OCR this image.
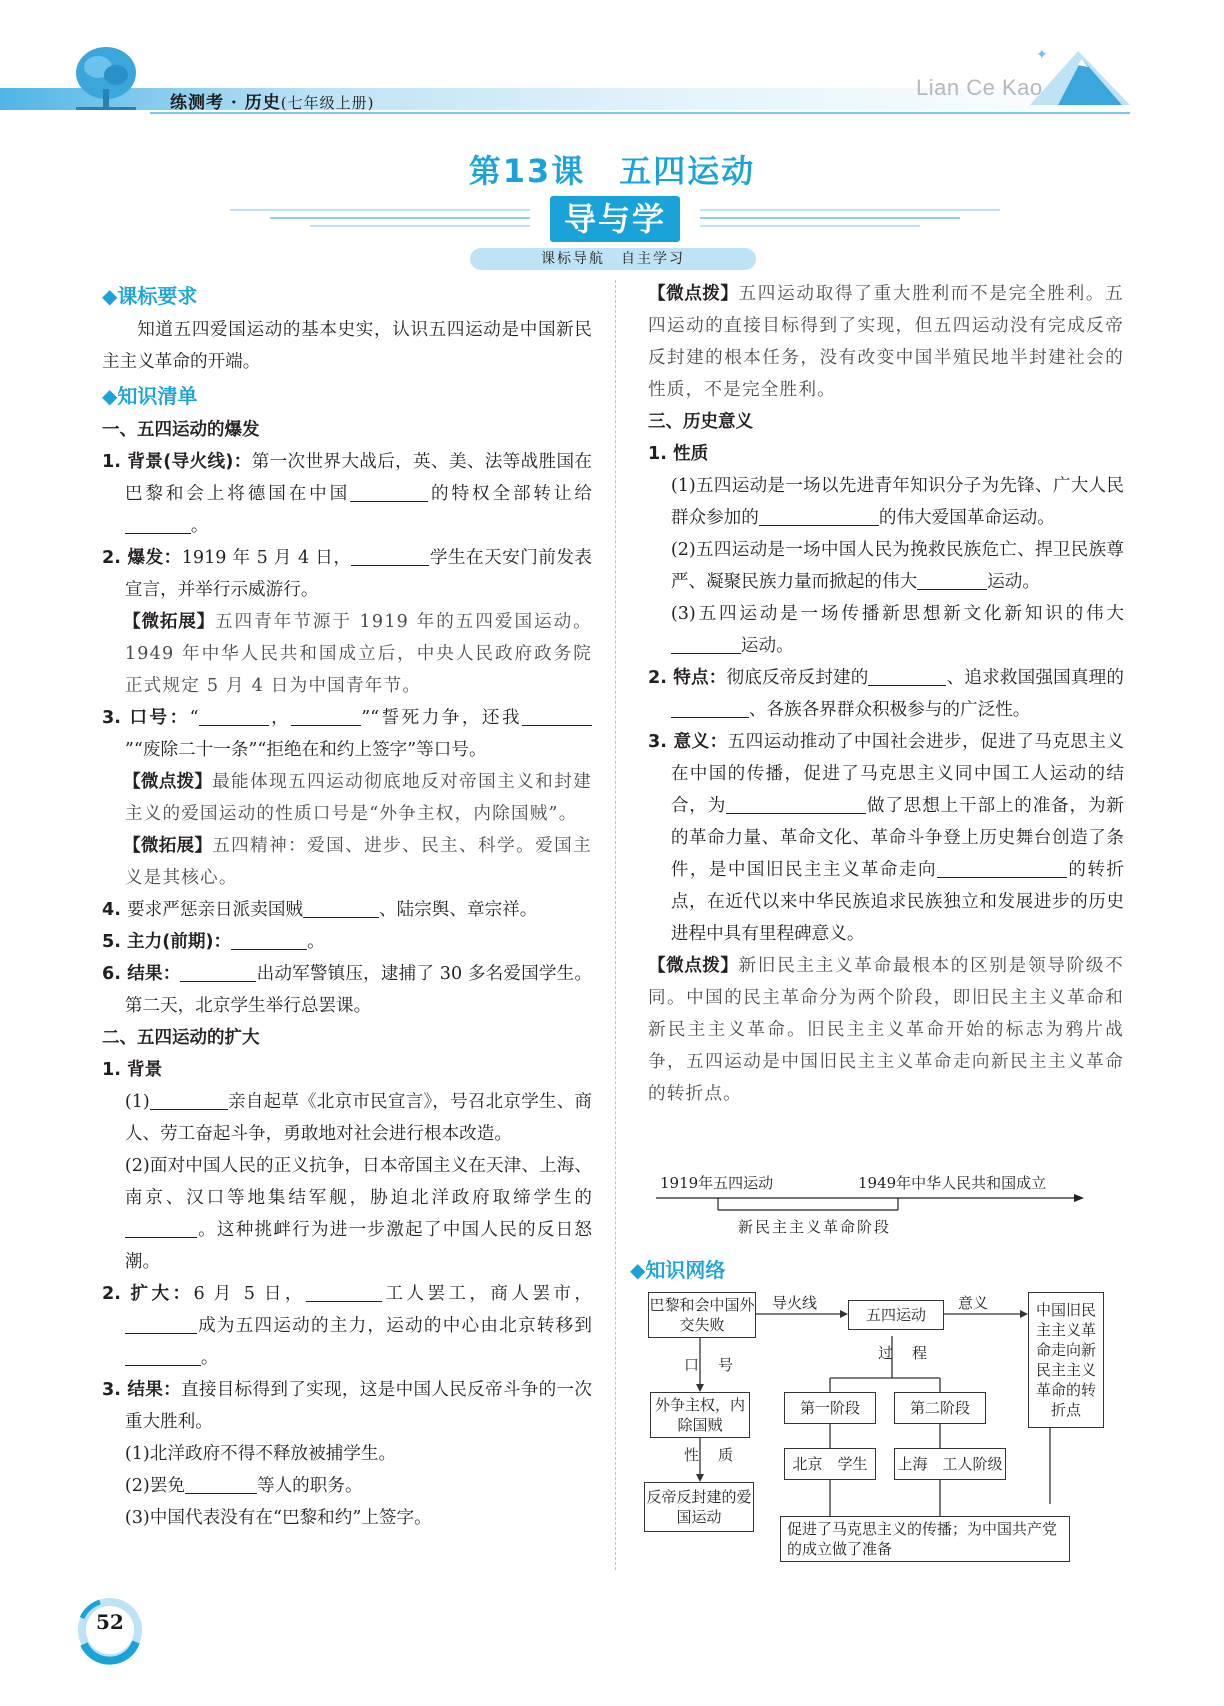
练测考 · 历史(七年级上册)
Lian Ce Kao
✦
第13课　五四运动
导与学
课标导航　自主学习
◆课标要求
知道五四爱国运动的基本史实，认识五四运动是中国新民主主义革命的开端。
◆知识清单
一、五四运动的爆发
1. 背景(导火线)：第一次世界大战后，英、美、法等战胜国在巴黎和会上将德国在中国	的特权全部转让给。
2. 爆发：1919 年 5 月 4 日，	学生在天安门前发表宣言，并举行示威游行。
【微拓展】五四青年节源于 1919 年的五四爱国运动。1949 年中华人民共和国成立后，中央人民政府政务院正式规定 5 月 4 日为中国青年节。
3. 口号：“	，	”“誓死力争，还我”“废除二十一条”“拒绝在和约上签字”等口号。
【微点拨】最能体现五四运动彻底地反对帝国主义和封建主义的爱国运动的性质口号是“外争主权，内除国贼”。
【微拓展】五四精神：爱国、进步、民主、科学。爱国主义是其核心。
4. 要求严惩亲日派卖国贼	、陆宗舆、章宗祥。
5. 主力(前期)：	。
6. 结果：	出动军警镇压，逮捕了 30 多名爱国学生。第二天，北京学生举行总罢课。
二、五四运动的扩大
1. 背景
(1)	亲自起草《北京市民宣言》，号召北京学生、商人、劳工奋起斗争，勇敢地对社会进行根本改造。
(2)面对中国人民的正义抗争，日本帝国主义在天津、上海、南京、汉口等地集结军舰，胁迫北洋政府取缔学生的。这种挑衅行为进一步激起了中国人民的反日怒潮。
2. 扩大：6 月 5 日，	工人罢工，商人罢市，成为五四运动的主力，运动的中心由北京转移到。
3. 结果：直接目标得到了实现，这是中国人民反帝斗争的一次重大胜利。
(1)北洋政府不得不释放被捕学生。
(2)罢免	等人的职务。
(3)中国代表没有在“巴黎和约”上签字。
【微点拨】五四运动取得了重大胜利而不是完全胜利。五四运动的直接目标得到了实现，但五四运动没有完成反帝反封建的根本任务，没有改变中国半殖民地半封建社会的性质，不是完全胜利。
三、历史意义
1. 性质
(1)五四运动是一场以先进青年知识分子为先锋、广大人民群众参加的	的伟大爱国革命运动。
(2)五四运动是一场中国人民为挽救民族危亡、捍卫民族尊严、凝聚民族力量而掀起的伟大	运动。
(3)五四运动是一场传播新思想新文化新知识的伟大运动。
2. 特点：彻底反帝反封建的	、追求救国强国真理的、各族各界群众积极参与的广泛性。
3. 意义：五四运动推动了中国社会进步，促进了马克思主义在中国的传播，促进了马克思主义同中国工人运动的结合，为	做了思想上干部上的准备，为新的革命力量、革命文化、革命斗争登上历史舞台创造了条件，是中国旧民主主义革命走向	的转折点，在近代以来中华民族追求民族独立和发展进步的历史进程中具有里程碑意义。
【微点拨】新旧民主主义革命最根本的区别是领导阶级不同。中国的民主革命分为两个阶段，即旧民主主义革命和新民主主义革命。旧民主主义革命开始的标志为鸦片战争，五四运动是中国旧民主主义革命走向新民主主义革命的转折点。
1919年五四运动	1949年中华人民共和国成立
新民主主义革命阶段
◆知识网络
巴黎和会中国外交失败
导火线
五四运动
意义	中国旧民主主义革命走向新民主主义革命的转折点
口　号
过　程
外争主权，内除国贼
第一阶段	第二阶段
性　质	北京　学生	上海　工人阶级
反帝反封建的爱国运动
促进了马克思主义的传播；为中国共产党的成立做了准备
52
